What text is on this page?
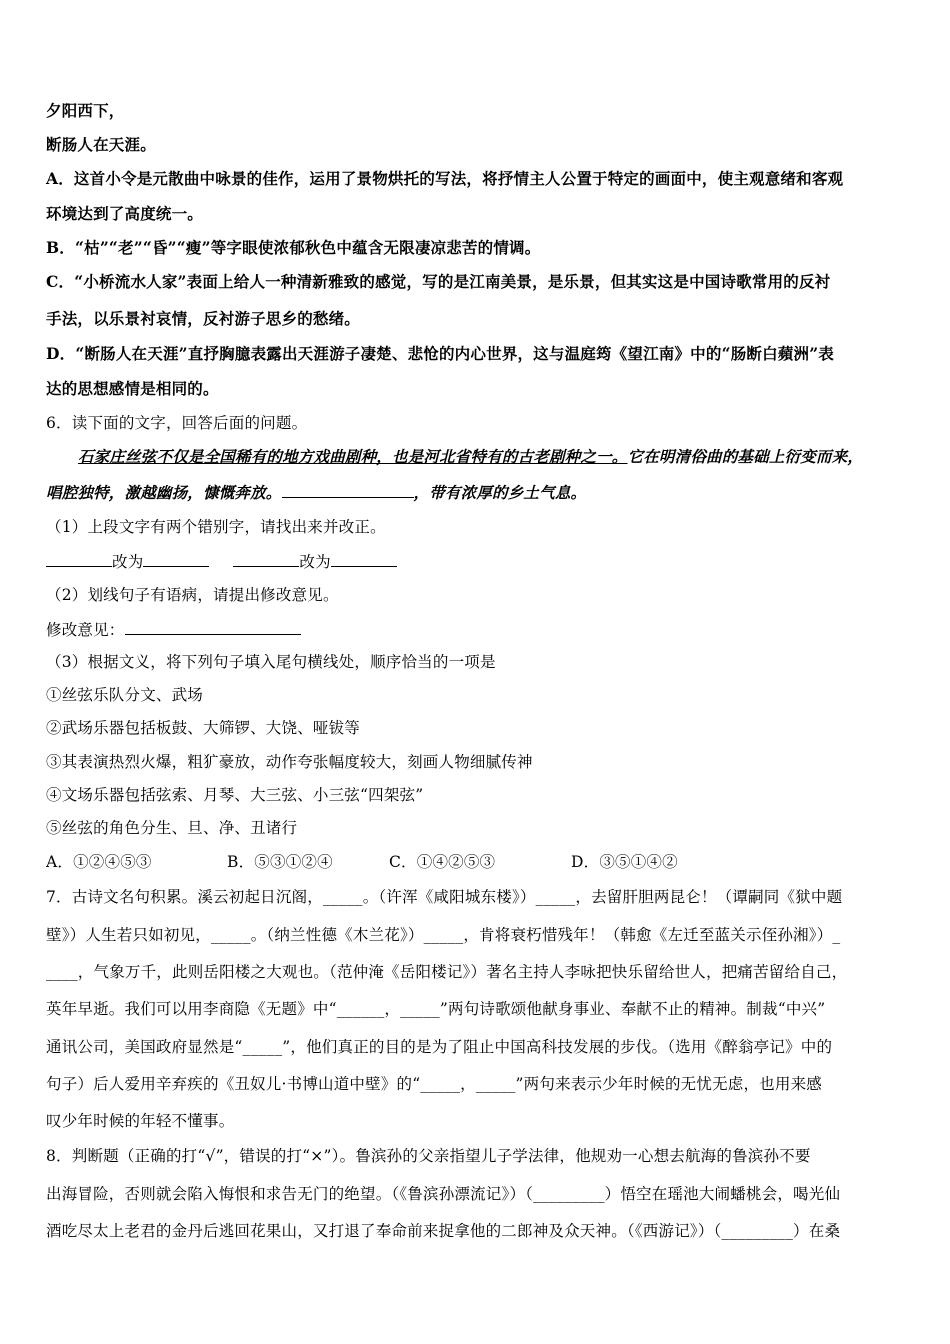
夕阳西下，
断肠人在天涯。
A．这首小令是元散曲中咏景的佳作，运用了景物烘托的写法，将抒情主人公置于特定的画面中，使主观意绪和客观
环境达到了高度统一。
B．“枯”“老”“昏”“瘦”等字眼使浓郁秋色中蕴含无限凄凉悲苦的情调。
C．“小桥流水人家”表面上给人一种清新雅致的感觉，写的是江南美景，是乐景，但其实这是中国诗歌常用的反衬
手法，以乐景衬哀情，反衬游子思乡的愁绪。
D．“断肠人在天涯”直抒胸臆表露出天涯游子凄楚、悲怆的内心世界，这与温庭筠《望江南》中的“肠断白蘋洲”表
达的思想感情是相同的。
6．读下面的文字，回答后面的问题。
石家庄丝弦不仅是全国稀有的地方戏曲剧种，也是河北省特有的古老剧种之一。它在明清俗曲的基础上衍变而来，
唱腔独特，激越幽扬，慷慨奔放。	，带有浓厚的乡土气息。
（1）上段文字有两个错别字，请找出来并改正。
改为	改为
（2）划线句子有语病，请提出修改意见。
修改意见：
（3）根据文义，将下列句子填入尾句横线处，顺序恰当的一项是
①丝弦乐队分文、武场
②武场乐器包括板鼓、大筛锣、大饶、哑钹等
③其表演热烈火爆，粗犷豪放，动作夸张幅度较大，刻画人物细腻传神
④文场乐器包括弦索、月琴、大三弦、小三弦“四架弦”
⑤丝弦的角色分生、旦、净、丑诸行
A．①②④⑤③	B．⑤③①②④	C．①④②⑤③	D．③⑤①④②
7．古诗文名句积累。溪云初起日沉阁，_____。（许浑《咸阳城东楼》）_____，去留肝胆两昆仑！（谭嗣同《狱中题
壁》）人生若只如初见，_____。（纳兰性德《木兰花》）_____，肯将衰朽惜残年！（韩愈《左迁至蓝关示侄孙湘》）_
____，气象万千，此则岳阳楼之大观也。（范仲淹《岳阳楼记》）著名主持人李咏把快乐留给世人，把痛苦留给自己，
英年早逝。我们可以用李商隐《无题》中“______，_____”两句诗歌颂他献身事业、奉献不止的精神。制裁“中兴”
通讯公司，美国政府显然是“_____”，他们真正的目的是为了阻止中国高科技发展的步伐。（选用《醉翁亭记》中的
句子）后人爱用辛弃疾的《丑奴儿·书博山道中壁》的“_____，_____”两句来表示少年时候的无忧无虑，也用来感
叹少年时候的年轻不懂事。
8．判断题（正确的打“√”，错误的打“×”）。鲁滨孙的父亲指望儿子学法律，他规劝一心想去航海的鲁滨孙不要
出海冒险，否则就会陷入悔恨和求告无门的绝望。（《鲁滨孙漂流记》）（_________）悟空在瑶池大闹蟠桃会，喝光仙
酒吃尽太上老君的金丹后逃回花果山，又打退了奉命前来捉拿他的二郎神及众天神。（《西游记》）（_________）在桑
